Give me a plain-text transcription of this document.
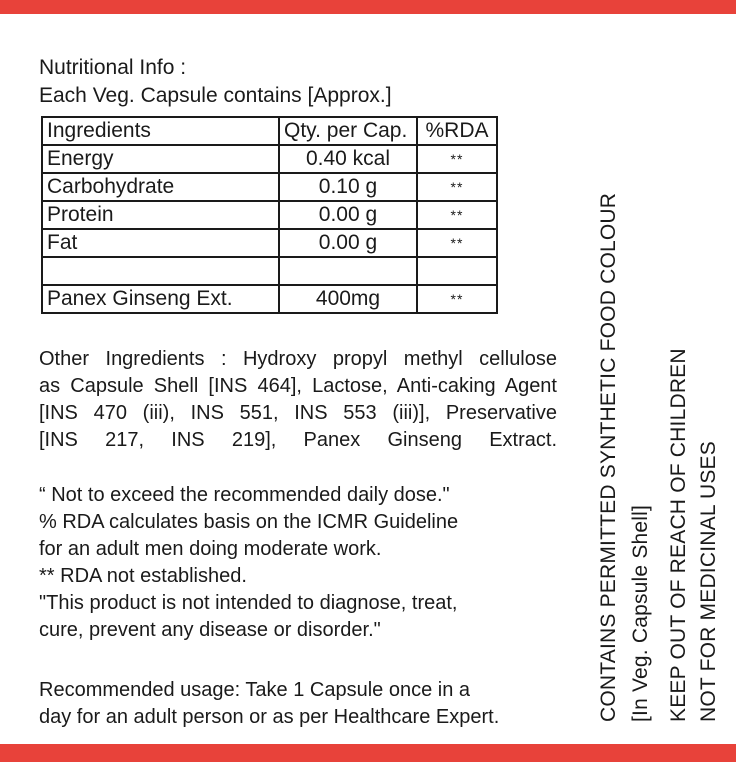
Nutritional Info :
Each Veg. Capsule contains [Approx.]
Ingredients	Qty. per Cap.	%RDA
Energy	0.40 kcal	**
Carbohydrate	0.10 g	**
Protein	0.00 g	**
Fat	0.00 g	**

Panex Ginseng Ext.	400mg	**
Other Ingredients : Hydroxy propyl methyl cellulose
as Capsule Shell [INS 464], Lactose, Anti-caking Agent
[INS 470 (iii), INS 551, INS 553 (iii)], Preservative
[INS 217, INS 219], Panex Ginseng Extract.
“ Not to exceed the recommended daily dose."
% RDA calculates basis on the ICMR Guideline
for an adult men doing moderate work.
** RDA not established.
"This product is not intended to diagnose, treat,
cure, prevent any disease or disorder."
Recommended usage: Take 1 Capsule once in a
day for an adult person or as per Healthcare Expert.	CONTAINS PERMITTED SYNTHETIC FOOD COLOUR [In Veg. Capsule Shell] KEEP OUT OF REACH OF CHILDREN NOT FOR MEDICINAL USES
